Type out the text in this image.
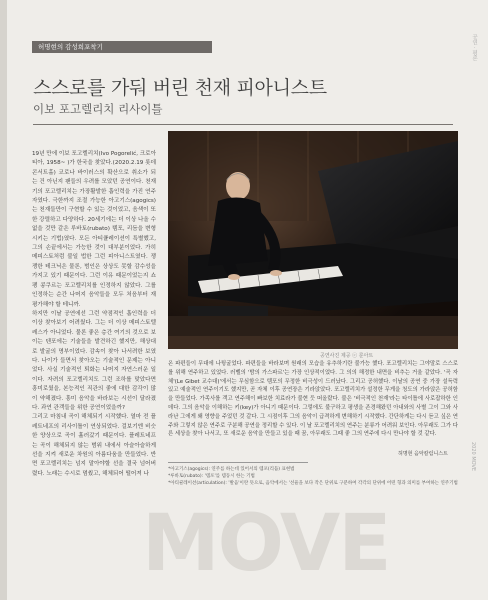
허명현의 감성희포착기
스스로를 가둬 버린 천재 피아니스트
이보 포고렐리치 리사이틀

19년 만에 이보 포고렐리치(Ivo Pogorelić, 크로아티아, 1958~ )가 한국을 찾았다.(2020.2.19 롯데콘서트홀) 코로나 바이러스의 확산으로 취소가 되는 건 아닌지 팬들의 우려를 모았던 공연이다. 천재기의 포고렐리치는 가장활발한 흡인력을 가진 연주자였다. 극한까지 조절 가능한 아고기스(agogics)는 천재들만이 구현할 수 있는 것이었고, 음색이 또한 강렬하고 다양하다. 20세기에는 더 이상 나올 수 없을 것만 같은 루바토(rubato) 템포, 리듬을 변형시키는 기법)였다. 모든 아티큘레이션이 특별했고, 그의 손끝에서는 가능한 것이 대부분이었다. 가히 메피스토처럼 불일 법한 그런 피아니스트였다. 쟁쟁한 테크닉은 물론, 범인은 상상도 못할 감수성을 가지고 있기 때문이다. 그런 이유 때문이었는지 쇼팽 콩쿠르는 포고렐리치를 인정하지 않았다. 그를 인정하는 순간 나머지 음악들을 모두 처음부터 재평가해야 할 테니까.

하지만 이날 공연에선 그런 약점적인 흡인력을 더 이상 찾아보기 어려웠다. 그는 더 이상 메피스토텔레스가 아니었다. 물론 좋은 층간 여기의 것으로 보이는 텐포에는 기술들을 발견하긴 했지만, 해상대로 발굴의 명부이었다. 감속이 찾아 나서려한 보였다. 나이가 들면서 찾아오는 기술적인 문제는 아니었다. 사실 기술적인 퇴화는 나머지 자연스러운 일이다. 자려의 포고렐리치도 그런 조하를 맞았다면 흥미로웠을, 본능적인 직관의 좋에 대한 감각이 많이 약해졌다. 흥미 음악을 바라보는 시선이 달라졌다. 과연 관객들을 위한 공연이었을까?

그리고 마침내 곡이 해체되기 시작했다. 열마 전 플레트네프의 리사이틀이 연상되었다. 걸보기엔 비슷한 양상으로 곡이 흘러갔기 때문이다. 플레트네프는 곡이 해체되지 않는 범위 내에서 아슬아슬하게 선을 지켜 새로운 차원의 아름다움을 만들었다. 반면 포고렐리치는 넘지 말아야할 선을 결국 넘어버렸다. 노래는 수시로 멈췄고, 해체되어 떨어져 나

공연사진 제공 ⓒ 룬아트

온 파편들이 무대에 나뒹굴었다. 파편들을 바라보며 원래의 모습을 유추하기란 불가능 했다. 포고렐리치는 그야말로 스스로를 위해 연주하고 있었다. 러벨의 '밤의 가스파르'는 가장 인상적이었다. 그 의의 해정한 내면을 비추는 거울 같았다. '곡 자체'(Le Gibet 교수대)'에서는 무심함으로 템포의 무정한 비극성이 드러났다. 그리고 공허했다. 이날의 공연 중 가장 설득력 있고 예술적인 연주이기도 했지만, 곧 자체 이후 공연장은 기라앉았다. 포고렐리치가 설정한 무게을 청도의 가라앉은 공허함을 만들었다. 가족사를 객고 연주해이 빠보한 치료라가 불현 듯 떠올랐다. 불은 '비극적인 천재'라는 타이틀에 사로잡하한 인데다. 그의 음악을 이해하는 키(key)가 아니기 때문이다. 그렇에도 불구하고 평생을 존경해왔던 아내와의 사별 그이 그와 사라난 그에게 왜 영향을 주었던 것 같다. 그 시점이후 그의 음악이 급격하게 변해하기 시작했다. 간단하게는 다시 듣고 싶은 연주와 그렇지 않은 연주로 구분해 공연을 정리할 수 있다. 이 날 포고렐리치의 연주는 분류가 어려워 보인다. 아무래도 그가 다른 세상을 찾아 나서고, 또 새로운 음악을 만들고 있을 때 꿈, 아무래도 그때 좋 그의 연주에 다시 만나야 할 것 같다.

허명현 음악칼럼니스트

*아고기스(agogics): 연주를 하는데 있어서의 템포(리듬) 표현법

*루바토(rubato): '템포'를 템동시 한는 기법

*아티큘레이션(articulation): '발음'이란 뜻으로, 음악에서는 '선율을 보다 작은 단위로 구분하여 각각의 단위에 어떤 형과 의미를 부여하는 연주기법

MOVE
공연 · 평론
2020 MOVE
